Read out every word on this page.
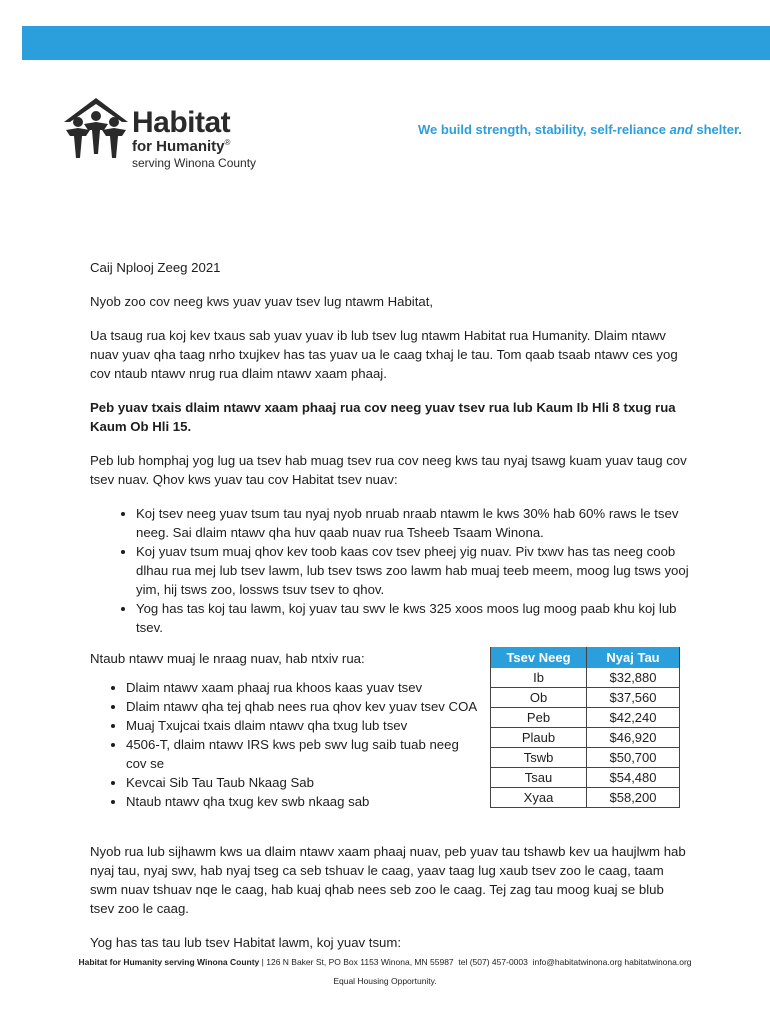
Habitat
for Humanity®
serving Winona County
We build strength, stability, self-reliance and shelter.

Caij Nplooj Zeeg 2021

Nyob zoo cov neeg kws yuav yuav tsev lug ntawm Habitat,

Ua tsaug rua koj kev txaus sab yuav yuav ib lub tsev lug ntawm Habitat rua Humanity. Dlaim ntawv nuav yuav qha taag nrho txujkev has tas yuav ua le caag txhaj le tau. Tom qaab tsaab ntawv ces yog cov ntaub ntawv nrug rua dlaim ntawv xaam phaaj.

Peb yuav txais dlaim ntawv xaam phaaj rua cov neeg yuav tsev rua lub Kaum Ib Hli 8 txug rua Kaum Ob Hli 15.

Peb lub homphaj yog lug ua tsev hab muag tsev rua cov neeg kws tau nyaj tsawg kuam yuav taug cov tsev nuav. Qhov kws yuav tau cov Habitat tsev nuav:

• Koj tsev neeg yuav tsum tau nyaj nyob nruab nraab ntawm le kws 30% hab 60% raws le tsev neeg. Sai dlaim ntawv qha huv qaab nuav rua Tsheeb Tsaam Winona.
• Koj yuav tsum muaj qhov kev toob kaas cov tsev pheej yig nuav. Piv txwv has tas neeg coob dlhau rua mej lub tsev lawm, lub tsev tsws zoo lawm hab muaj teeb meem, moog lug tsws yooj yim, hij tsws zoo, lossws tsuv tsev to qhov.
• Yog has tas koj tau lawm, koj yuav tau swv le kws 325 xoos moos lug moog paab khu koj lub tsev.

Ntaub ntawv muaj le nraag nuav, hab ntxiv rua:

• Dlaim ntawv xaam phaaj rua khoos kaas yuav tsev
• Dlaim ntawv qha tej qhab nees rua qhov kev yuav tsev COA
• Muaj Txujcai txais dlaim ntawv qha txug lub tsev
• 4506-T, dlaim ntawv IRS kws peb swv lug saib tuab neeg cov se
• Kevcai Sib Tau Taub Nkaag Sab
• Ntaub ntawv qha txug kev swb nkaag sab
Tsev Neeg	Nyaj Tau
Ib	$32,880
Ob	$37,560
Peb	$42,240
Plaub	$46,920
Tswb	$50,700
Tsau	$54,480
Xyaa	$58,200

Nyob rua lub sijhawm kws ua dlaim ntawv xaam phaaj nuav, peb yuav tau tshawb kev ua haujlwm hab nyaj tau, nyaj swv, hab nyaj tseg ca seb tshuav le caag, yaav taag lug xaub tsev zoo le caag, taam swm nuav tshuav nqe le caag, hab kuaj qhab nees seb zoo le caag. Tej zag tau moog kuaj se blub tsev zoo le caag.

Yog has tas tau lub tsev Habitat lawm, koj yuav tsum:

Habitat for Humanity serving Winona County | 126 N Baker St, PO Box 1153 Winona, MN 55987 tel (507) 457-0003 info@habitatwinona.org habitatwinona.org
Equal Housing Opportunity.
